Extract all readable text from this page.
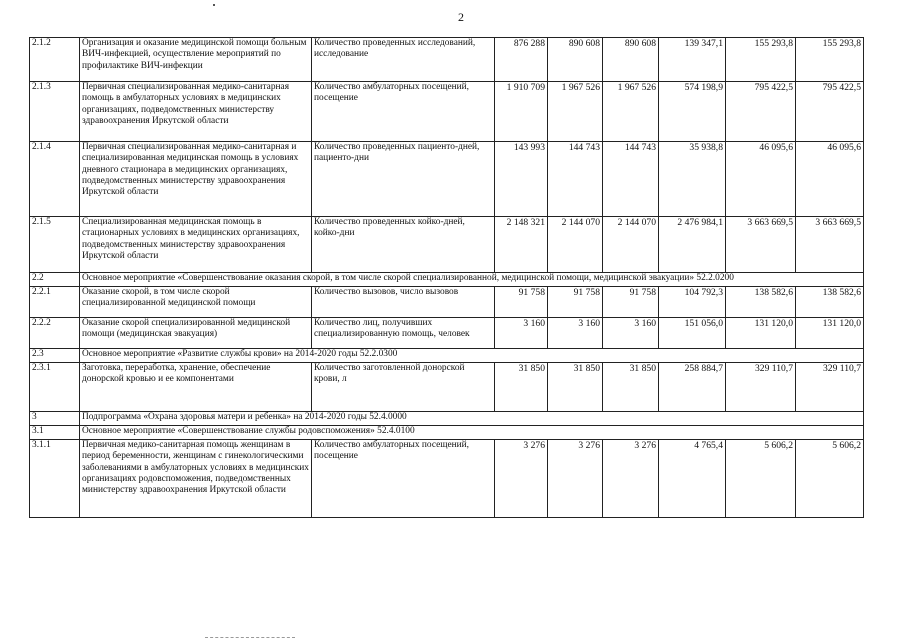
2
2.1.2	Организация и оказание медицинской помощи больным ВИЧ-инфекцией, осуществление мероприятий по профилактике ВИЧ-инфекции	Количество проведенных исследований, исследование	876 288	890 608	890 608	139 347,1	155 293,8	155 293,8
2.1.3	Первичная специализированная медико-санитарная помощь в амбулаторных условиях в медицинских организациях, подведомственных министерству здравоохранения Иркутской области	Количество амбулаторных посещений, посещение	1 910 709	1 967 526	1 967 526	574 198,9	795 422,5	795 422,5
2.1.4	Первичная специализированная медико-санитарная и специализированная медицинская помощь в условиях дневного стационара в медицинских организациях, подведомственных министерству здравоохранения Иркутской области	Количество проведенных пациенто-дней, пациенто-дни	143 993	144 743	144 743	35 938,8	46 095,6	46 095,6
2.1.5	Специализированная медицинская помощь в стационарных условиях в медицинских организациях, подведомственных министерству здравоохранения Иркутской области	Количество проведенных койко-дней, койко-дни	2 148 321	2 144 070	2 144 070	2 476 984,1	3 663 669,5	3 663 669,5
2.2	Основное мероприятие «Совершенствование оказания скорой, в том числе скорой специализированной, медицинской помощи, медицинской эвакуации» 52.2.0200							
2.2.1	Оказание скорой, в том числе скорой специализированной медицинской помощи	Количество вызовов, число вызовов	91 758	91 758	91 758	104 792,3	138 582,6	138 582,6
2.2.2	Оказание скорой специализированной медицинской помощи (медицинская эвакуация)	Количество лиц, получивших специализированную помощь, человек	3 160	3 160	3 160	151 056,0	131 120,0	131 120,0
2.3	Основное мероприятие «Развитие службы крови» на 2014-2020 годы 52.2.0300							
2.3.1	Заготовка, переработка, хранение, обеспечение донорской кровью и ее компонентами	Количество заготовленной донорской крови, л	31 850	31 850	31 850	258 884,7	329 110,7	329 110,7
3	Подпрограмма «Охрана здоровья матери и ребенка» на 2014-2020 годы 52.4.0000							
3.1	Основное мероприятие «Совершенствование службы родовспоможения» 52.4.0100							
3.1.1	Первичная медико-санитарная помощь женщинам в период беременности, женщинам с гинекологическими заболеваниями в амбулаторных условиях в медицинских организациях родовспоможения, подведомственных министерству здравоохранения Иркутской области	Количество амбулаторных посещений, посещение	3 276	3 276	3 276	4 765,4	5 606,2	5 606,2
